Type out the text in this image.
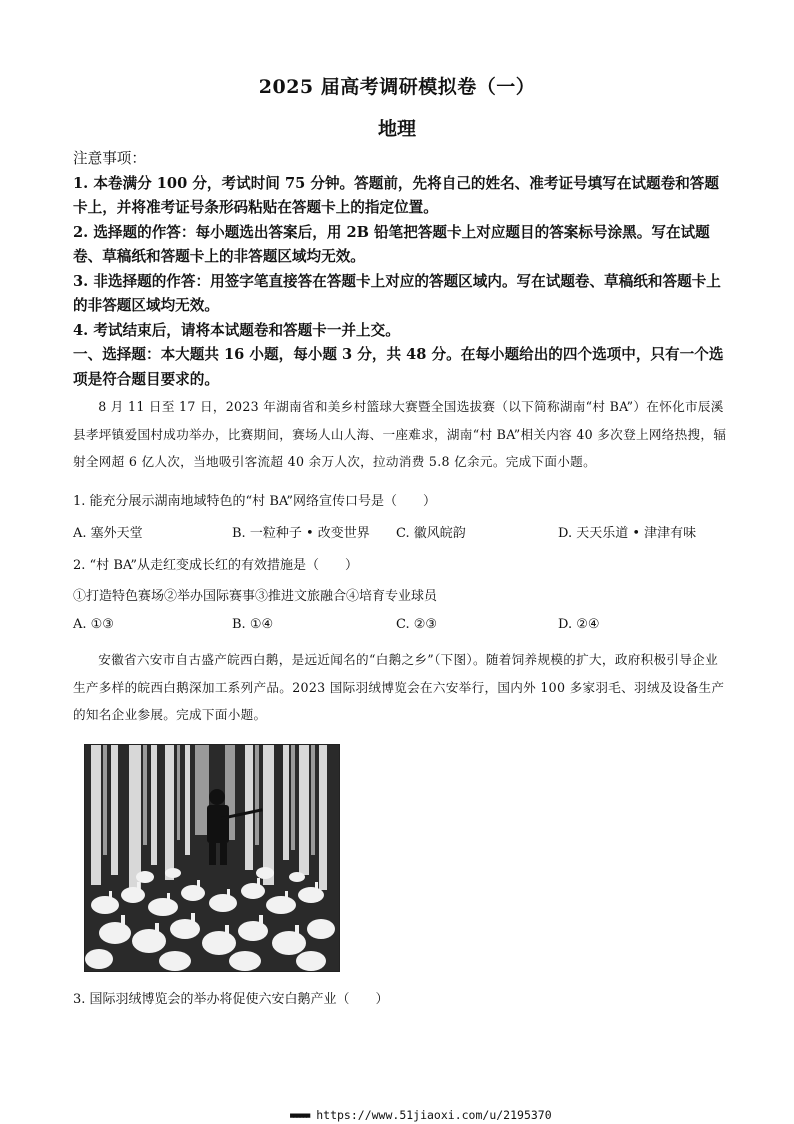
2025 届高考调研模拟卷（一）
地理

注意事项：

1. 本卷满分 100 分，考试时间 75 分钟。答题前，先将自己的姓名、准考证号填写在试题卷和答题卡上，并将准考证号条形码粘贴在答题卡上的指定位置。

2. 选择题的作答：每小题选出答案后，用 2B 铅笔把答题卡上对应题目的答案标号涂黑。写在试题卷、草稿纸和答题卡上的非答题区域均无效。

3. 非选择题的作答：用签字笔直接答在答题卡上对应的答题区域内。写在试题卷、草稿纸和答题卡上的非答题区域均无效。

4. 考试结束后，请将本试题卷和答题卡一并上交。

一、选择题：本大题共 16 小题，每小题 3 分，共 48 分。在每小题给出的四个选项中，只有一个选项是符合题目要求的。

8 月 11 日至 17 日，2023 年湖南省和美乡村篮球大赛暨全国选拔赛（以下简称湖南“村 BA”）在怀化市辰溪县孝坪镇爱国村成功举办，比赛期间，赛场人山人海、一座难求，湖南“村 BA”相关内容 40 多次登上网络热搜，辐射全网超 6 亿人次，当地吸引客流超 40 余万人次，拉动消费 5.8 亿余元。完成下面小题。

1. 能充分展示湖南地域特色的“村 BA”网络宣传口号是（　　）
A. 塞外天堂	B. 一粒种子 • 改变世界 C. 徽风皖韵	D. 天天乐道 • 津津有味
2. “村 BA”从走红变成长红的有效措施是（　　）
①打造特色赛场②举办国际赛事③推进文旅融合④培育专业球员
A. ①③	B. ①④	C. ②③	D. ②④

安徽省六安市自古盛产皖西白鹅，是远近闻名的“白鹅之乡”（下图）。随着饲养规模的扩大，政府积极引导企业生产多样的皖西白鹅深加工系列产品。2023 国际羽绒博览会在六安举行，国内外 100 多家羽毛、羽绒及设备生产的知名企业参展。完成下面小题。

3. 国际羽绒博览会的举办将促使六安白鹅产业（　　）
■■■■■■ https://www.51jiaoxi.com/u/2195370
